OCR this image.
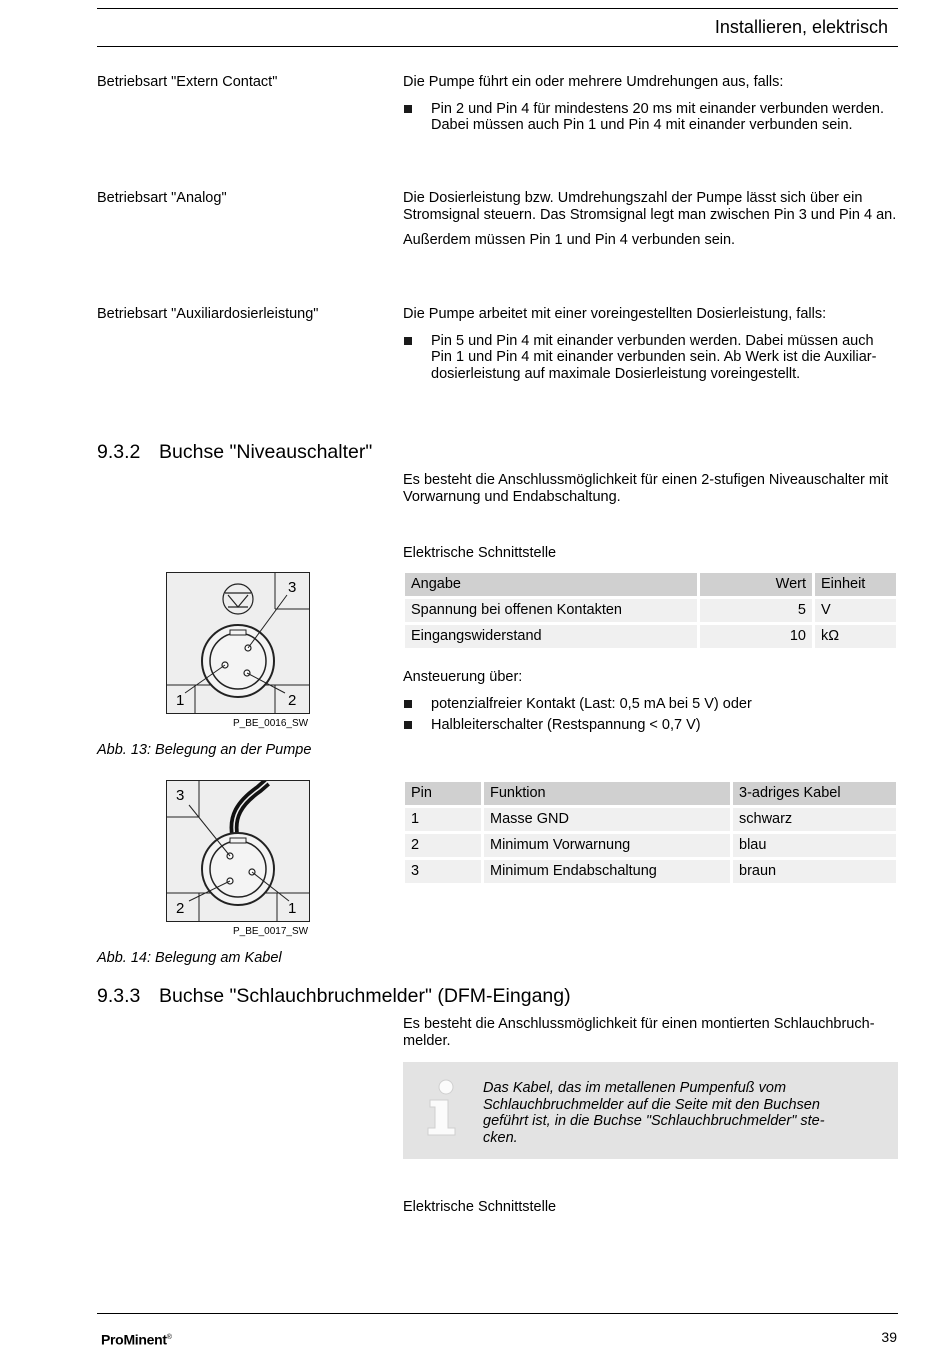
Installieren, elektrisch
Betriebsart "Extern Contact"	Die Pumpe führt ein oder mehrere Umdrehungen aus, falls:

Pin 2 und Pin 4 für mindestens 20 ms mit einander verbunden werden. Dabei müssen auch Pin 1 und Pin 4 mit einander verbunden sein.
Betriebsart "Analog"	Die Dosierleistung bzw. Umdrehungszahl der Pumpe lässt sich über ein Stromsignal steuern. Das Stromsignal legt man zwischen Pin 3 und Pin 4 an.

Außerdem müssen Pin 1 und Pin 4 verbunden sein.

Betriebsart "Auxiliardosierleistung"	Die Pumpe arbeitet mit einer voreingestellten Dosierleistung, falls:

Pin 5 und Pin 4 mit einander verbunden werden. Dabei müssen auch Pin 1 und Pin 4 mit einander verbunden sein. Ab Werk ist die Auxiliardosierleistung auf maximale Dosierleistung voreingestellt.
9.3.2 Buchse "Niveauschalter"
Es besteht die Anschlussmöglichkeit für einen 2-stufigen Niveauschalter mit Vorwarnung und Endabschaltung.
Elektrische Schnittstelle
3
1	2
P_BE_0016_SW
Abb. 13: Belegung an der Pumpe
Angabe	Wert	Einheit
Spannung bei offenen Kontakten	5	V
Eingangswiderstand	10	kΩ
Ansteuerung über:
potenzialfreier Kontakt (Last: 0,5 mA bei 5 V) oder
Halbleiterschalter (Restspannung < 0,7 V)
3
2	1
P_BE_0017_SW
Abb. 14: Belegung am Kabel
Pin	Funktion	3-adriges Kabel
1	Masse GND	schwarz
2	Minimum Vorwarnung	blau
3	Minimum Endabschaltung	braun
9.3.3 Buchse "Schlauchbruchmelder" (DFM-Eingang)
Es besteht die Anschlussmöglichkeit für einen montierten Schlauchbruchmelder.
Das Kabel, das im metallenen Pumpenfuß vom Schlauchbruchmelder auf die Seite mit den Buchsen geführt ist, in die Buchse "Schlauchbruchmelder" stecken.
Elektrische Schnittstelle
ProMinent®	39
